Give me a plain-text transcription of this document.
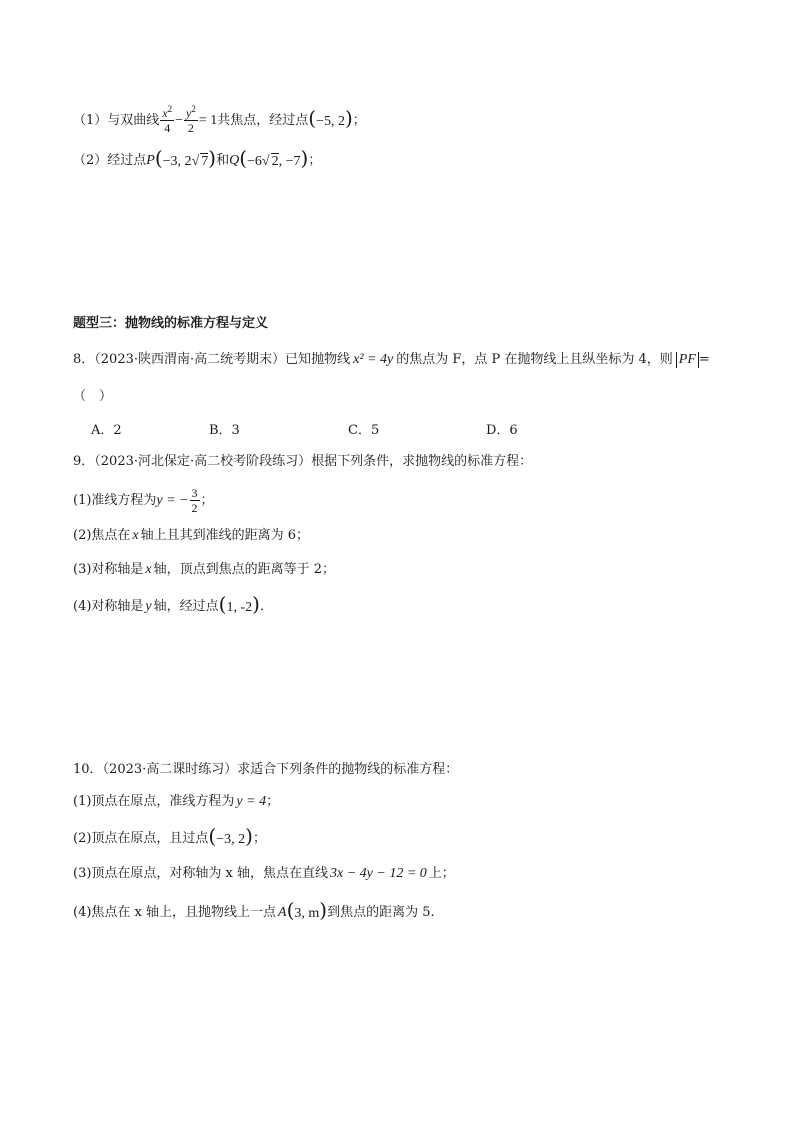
（1）与双曲线 $\frac{x^2}{4} - \frac{y^2}{2} = 1$ 共焦点，经过点 (−5, 2) ；
（2）经过点 P (−3, 2√ 7) 和 Q (−6√ 2, −7) ；
题型三：抛物线的标准方程与定义
8．（2023·陕西渭南·高二统考期末）已知抛物线 x² = 4y 的焦点为 F，点 P 在抛物线上且纵坐标为 4，则 PF =
（　）
A．2	B．3	C．5	D．6
9．（2023·河北保定·高二校考阶段练习）根据下列条件，求抛物线的标准方程：
(1)准线方程为 y = − $\frac{3}{2}$ ；
(2)焦点在 x 轴上且其到准线的距离为 6；
(3)对称轴是 x 轴，顶点到焦点的距离等于 2；
(4)对称轴是 y 轴，经过点 (1, -2) ．
10．（2023·高二课时练习）求适合下列条件的抛物线的标准方程：
(1)顶点在原点，准线方程为 y = 4 ；
(2)顶点在原点，且过点 (−3, 2) ；
(3)顶点在原点，对称轴为 x 轴，焦点在直线 3x − 4y − 12 = 0 上；
(4)焦点在 x 轴上，且抛物线上一点 A (3, m) 到焦点的距离为 5.
